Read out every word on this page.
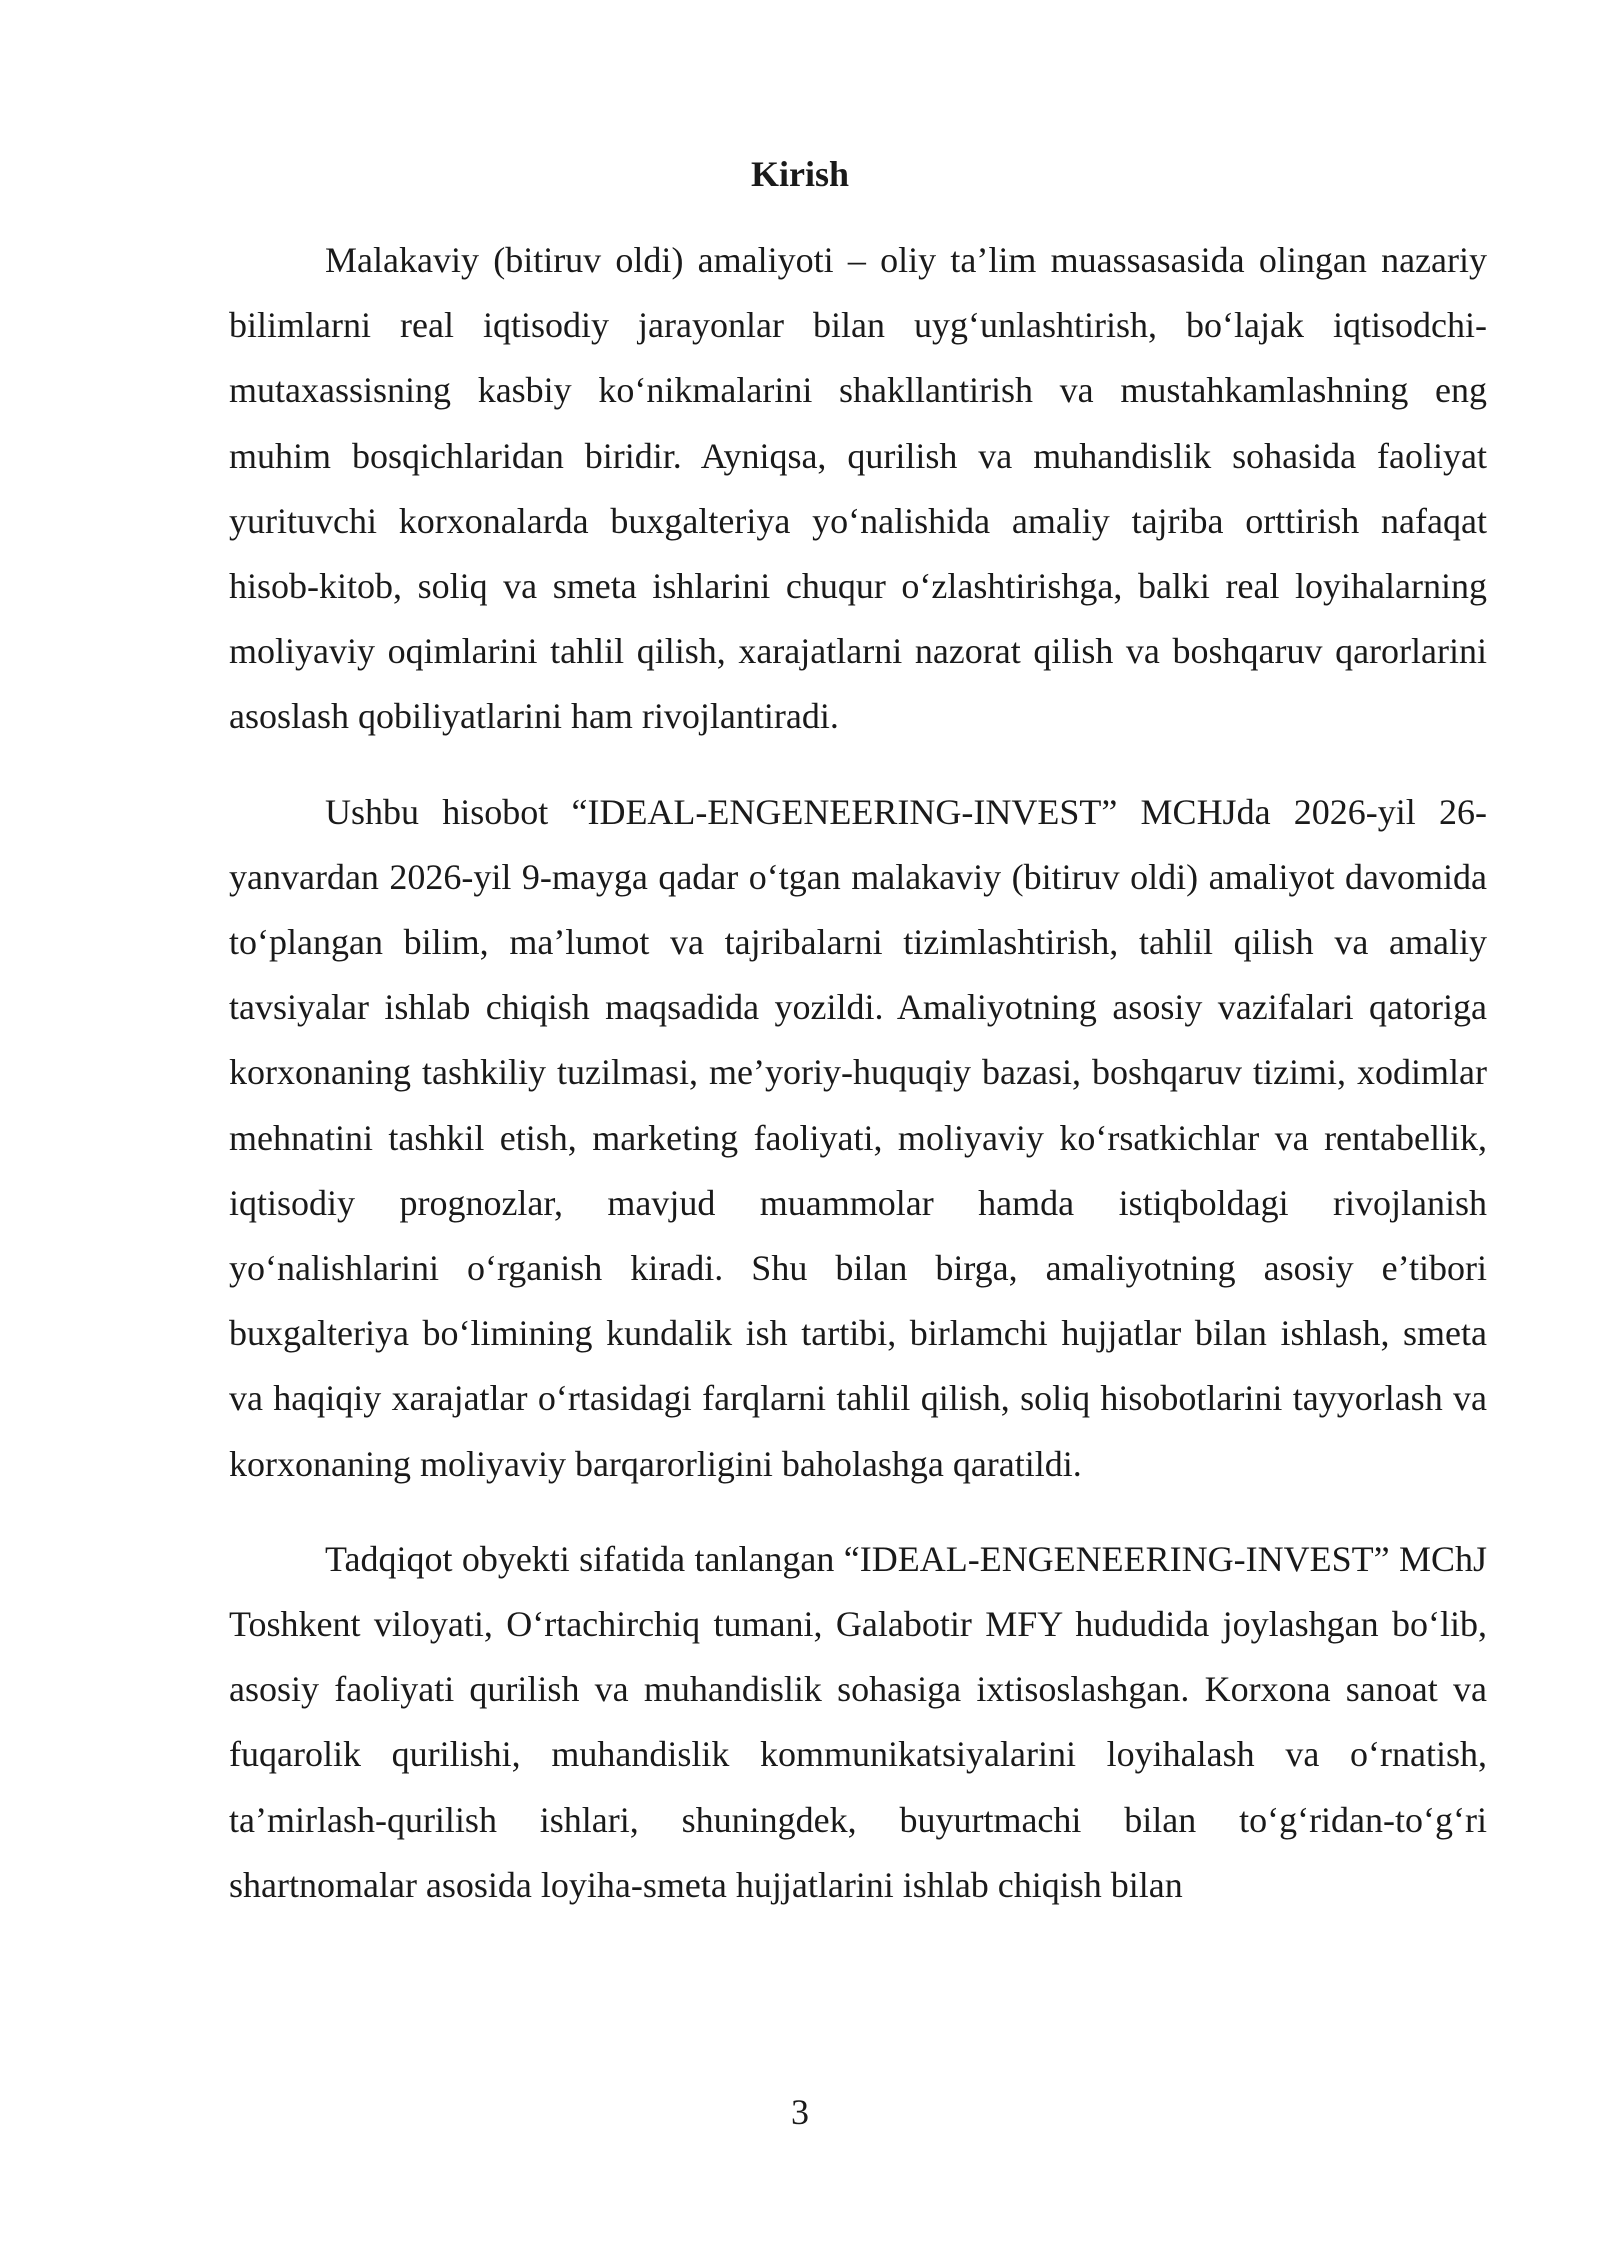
Kirish

Malakaviy (bitiruv oldi) amaliyoti – oliy ta’lim muassasasida olingan nazariy bilimlarni real iqtisodiy jarayonlar bilan uyg‘unlashtirish, bo‘lajak iqtisodchi-mutaxassisning kasbiy ko‘nikmalarini shakllantirish va mustahkamlashning eng muhim bosqichlaridan biridir. Ayniqsa, qurilish va muhandislik sohasida faoliyat yurituvchi korxonalarda buxgalteriya yo‘nalishida amaliy tajriba orttirish nafaqat hisob-kitob, soliq va smeta ishlarini chuqur o‘zlashtirishga, balki real loyihalarning moliyaviy oqimlarini tahlil qilish, xarajatlarni nazorat qilish va boshqaruv qarorlarini asoslash qobiliyatlarini ham rivojlantiradi.

Ushbu hisobot “IDEAL-ENGENEERING-INVEST” MCHJda 2026-yil 26-yanvardan 2026-yil 9-mayga qadar o‘tgan malakaviy (bitiruv oldi) amaliyot davomida to‘plangan bilim, ma’lumot va tajribalarni tizimlashtirish, tahlil qilish va amaliy tavsiyalar ishlab chiqish maqsadida yozildi. Amaliyotning asosiy vazifalari qatoriga korxonaning tashkiliy tuzilmasi, me’yoriy-huquqiy bazasi, boshqaruv tizimi, xodimlar mehnatini tashkil etish, marketing faoliyati, moliyaviy ko‘rsatkichlar va rentabellik, iqtisodiy prognozlar, mavjud muammolar hamda istiqboldagi rivojlanish yo‘nalishlarini o‘rganish kiradi. Shu bilan birga, amaliyotning asosiy e’tibori buxgalteriya bo‘limining kundalik ish tartibi, birlamchi hujjatlar bilan ishlash, smeta va haqiqiy xarajatlar o‘rtasidagi farqlarni tahlil qilish, soliq hisobotlarini tayyorlash va korxonaning moliyaviy barqarorligini baholashga qaratildi.

Tadqiqot obyekti sifatida tanlangan “IDEAL-ENGENEERING-INVEST” MChJ Toshkent viloyati, O‘rtachirchiq tumani, Galabotir MFY hududida joylashgan bo‘lib, asosiy faoliyati qurilish va muhandislik sohasiga ixtisoslashgan. Korxona sanoat va fuqarolik qurilishi, muhandislik kommunikatsiyalarini loyihalash va o‘rnatish, ta’mirlash-qurilish ishlari, shuningdek, buyurtmachi bilan to‘g‘ridan-to‘g‘ri shartnomalar asosida loyiha-smeta hujjatlarini ishlab chiqish bilan

3
